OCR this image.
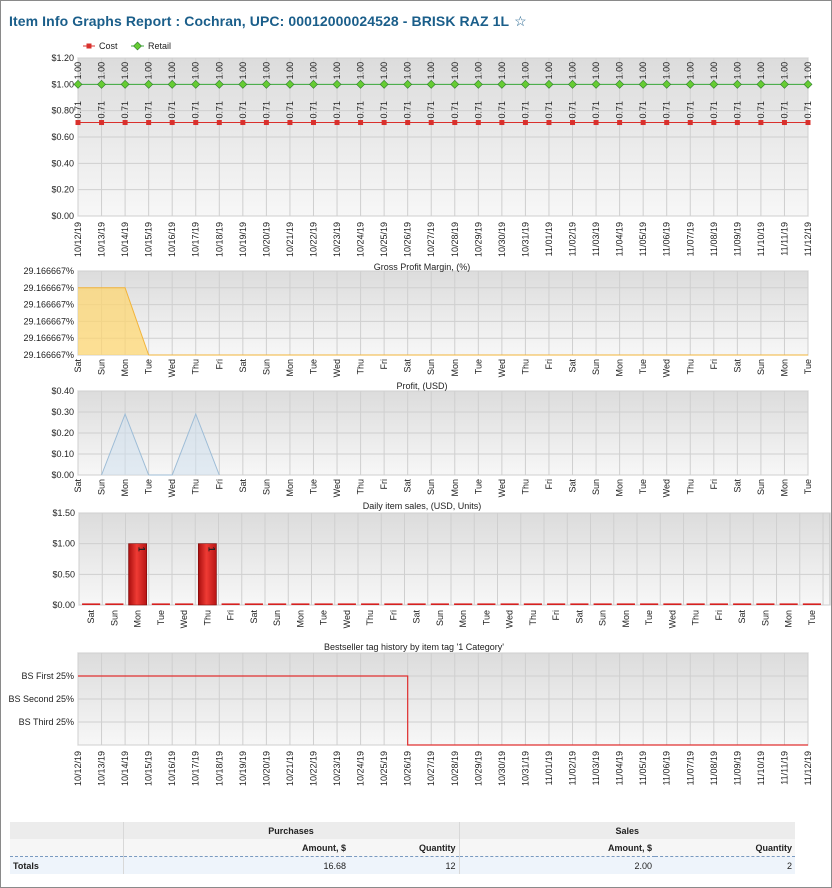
Item Info Graphs Report : Cochran, UPC: 00012000024528 - BRISK RAZ 1L ☆
$0.00
$0.20
$0.40
$0.60
$0.80
$1.00
$1.20
10/12/19 10/13/19 10/14/19 10/15/19 10/16/19 10/17/19 10/18/19 10/19/19 10/20/19 10/21/19 10/22/19 10/23/19 10/24/19 10/25/19 10/26/19 10/27/19 10/28/19 10/29/19 10/30/19 10/31/19 11/01/19 11/02/19 11/03/19 11/04/19 11/05/19 11/06/19 11/07/19 11/08/19 11/09/19 11/10/19 11/11/19 11/12/19
Cost	Retail
0.71 0.71 0.71 0.71 0.71 0.71 0.71 0.71 0.71 0.71 0.71 0.71 0.71 0.71 0.71 0.71 0.71 0.71 0.71 0.71 0.71 0.71 0.71 0.71 0.71 0.71 0.71 0.71 0.71 0.71 0.71 0.71
1.00 1.00 1.00 1.00 1.00 1.00 1.00 1.00 1.00 1.00 1.00 1.00 1.00 1.00 1.00 1.00 1.00 1.00 1.00 1.00 1.00 1.00 1.00 1.00 1.00 1.00 1.00 1.00 1.00 1.00 1.00 1.00
Gross Profit Margin, (%)
29.166667%
29.166667%
29.166667%
29.166667%
29.166667%
29.166667%
Sat Sun Mon Tue Wed Thu Fri Sat Sun Mon Tue Wed Thu Fri Sat Sun Mon Tue Wed Thu Fri Sat Sun Mon Tue Wed Thu Fri Sat Sun Mon Tue
Profit, (USD)
$0.00
$0.10
$0.20
$0.30
$0.40
Sat Sun Mon Tue Wed Thu Fri Sat Sun Mon Tue Wed Thu Fri Sat Sun Mon Tue Wed Thu Fri Sat Sun Mon Tue Wed Thu Fri Sat Sun Mon Tue
Daily item sales, (USD, Units)
$0.00
$0.50
$1.00
$1.50
Sat Sun Mon Tue Wed Thu Fri Sat Sun Mon Tue Wed Thu Fri Sat Sun Mon Tue Wed Thu Fri Sat Sun Mon Tue Wed Thu Fri Sat Sun Mon Tue
1	1
Bestseller tag history by item tag '1 Category'
BS First 25%
BS Second 25%
BS Third 25%
10/12/19 10/13/19 10/14/19 10/15/19 10/16/19 10/17/19 10/18/19 10/19/19 10/20/19 10/21/19 10/22/19 10/23/19 10/24/19 10/25/19 10/26/19 10/27/19 10/28/19 10/29/19 10/30/19 10/31/19 11/01/19 11/02/19 11/03/19 11/04/19 11/05/19 11/06/19 11/07/19 11/08/19 11/09/19 11/10/19 11/11/19 11/12/19
	Purchases		Sales	
	Amount, $	Quantity	Amount, $	Quantity
Totals	16.68	12	2.00	2
